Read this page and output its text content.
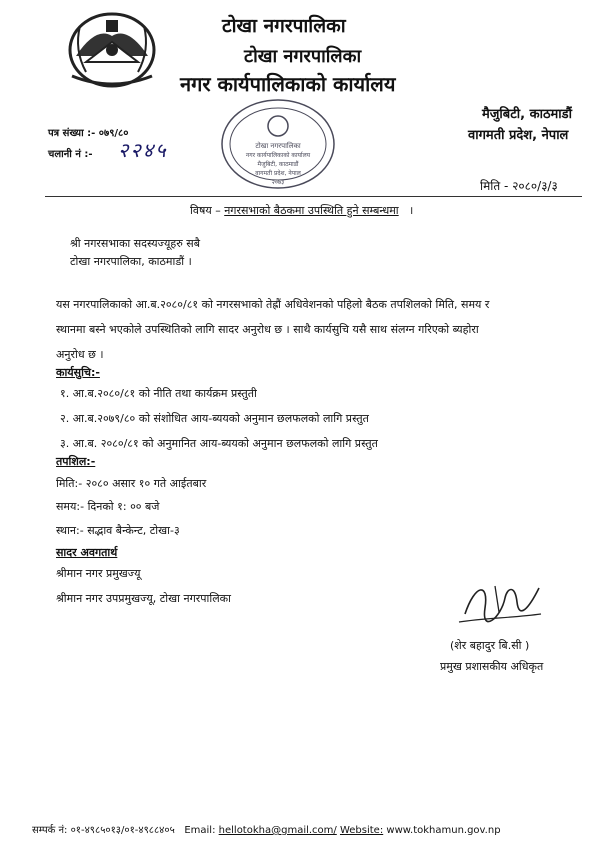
टोखा नगरपालिका
टोखा नगरपालिका
नगर कार्यपालिकाको कार्यालय
मैजुबिटी, काठमाडौं
वागमती प्रदेश, नेपाल
पत्र संख्या :- ०७९/८०
चलानी नं :- २२४५	टोखा नगरपालिका
नगर कार्यपालिकाको कार्यालय
मैजुबिटी, काठमाडौं
वागमती प्रदेश, नेपाल
२०७३	मिति - २०८०/३/३
विषय – नगरसभाको बैठकमा उपस्थिति हुने सम्बन्धमा ।
श्री नगरसभाका सदस्यज्यूहरु सबै
टोखा नगरपालिका, काठमाडौं ।
यस नगरपालिकाको आ.ब.२०८०/८१ को नगरसभाको तेह्रौं अधिवेशनको पहिलो बैठक तपशिलको मिति, समय र
स्थानमा बस्ने भएकोले उपस्थितिको लागि सादर अनुरोध छ । साथै कार्यसुचि यसै साथ संलग्न गरिएको ब्यहोरा
अनुरोध छ ।
कार्यसुचि:-
१. आ.ब.२०८०/८१ को नीति तथा कार्यक्रम प्रस्तुती
२. आ.ब.२०७९/८० को संशोधित आय-ब्ययको अनुमान छलफलको लागि प्रस्तुत
३. आ.ब. २०८०/८१ को अनुमानित आय-ब्ययको अनुमान छलफलको लागि प्रस्तुत
तपशिल:-
मिति:- २०८० असार १० गते आईतबार
समय:- दिनको १: ०० बजे
स्थान:- सद्भाव बैन्केन्ट, टोखा-३
सादर अवगतार्थ
श्रीमान नगर प्रमुखज्यू
श्रीमान नगर उपप्रमुखज्यू, टोखा नगरपालिका
(शेर बहादुर बि.सी )
प्रमुख प्रशासकीय अधिकृत
सम्पर्क नं: ०१-४९८५०१३/०१-४९८८४०५ Email: hellotokha@gmail.com/ Website: www.tokhamun.gov.np
